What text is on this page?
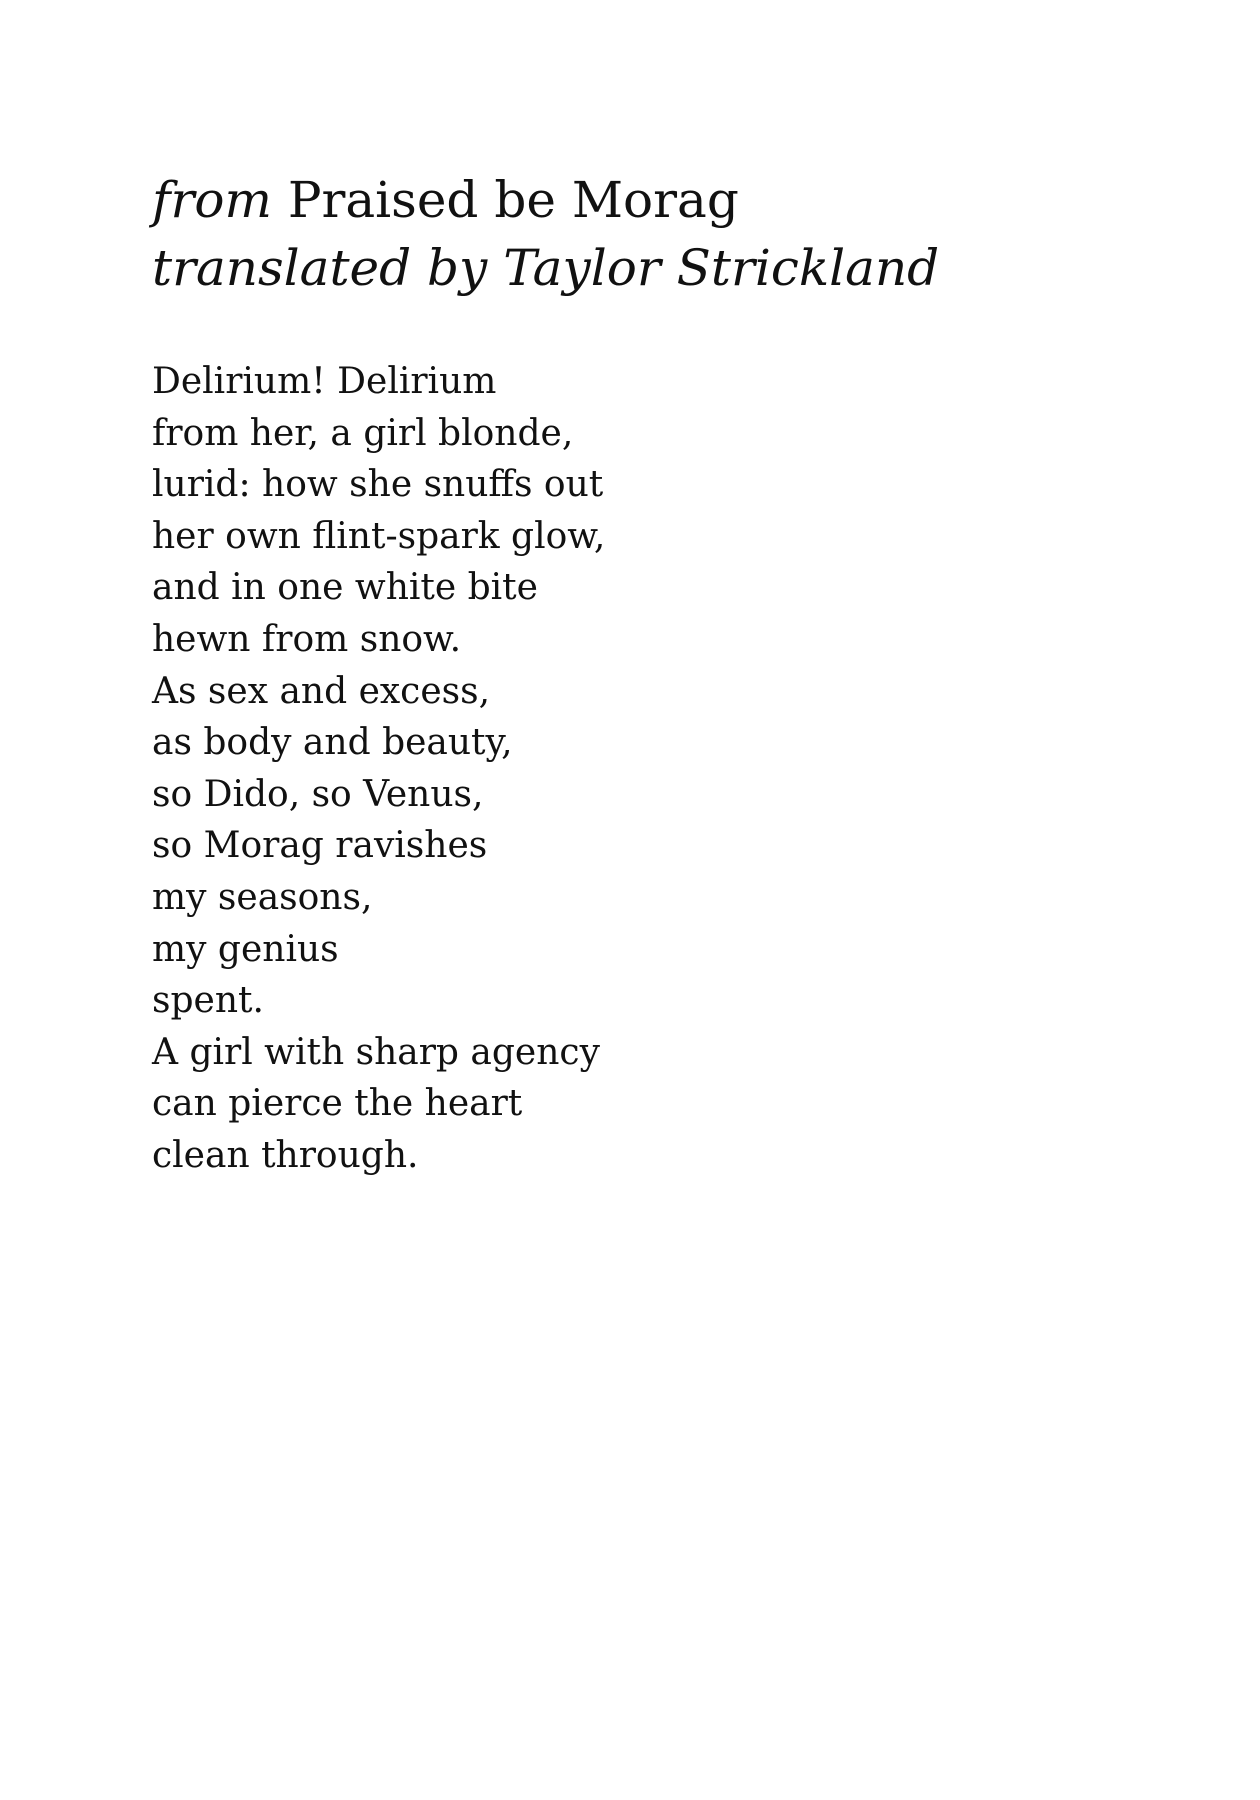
from Praised be Morag

translated by Taylor Strickland

Delirium! Delirium
from her, a girl blonde,
lurid: how she snuffs out
her own flint-spark glow,
and in one white bite
hewn from snow.
As sex and excess,
as body and beauty,
so Dido, so Venus,
so Morag ravishes
my seasons,
my genius
spent.
A girl with sharp agency
can pierce the heart
clean through.
